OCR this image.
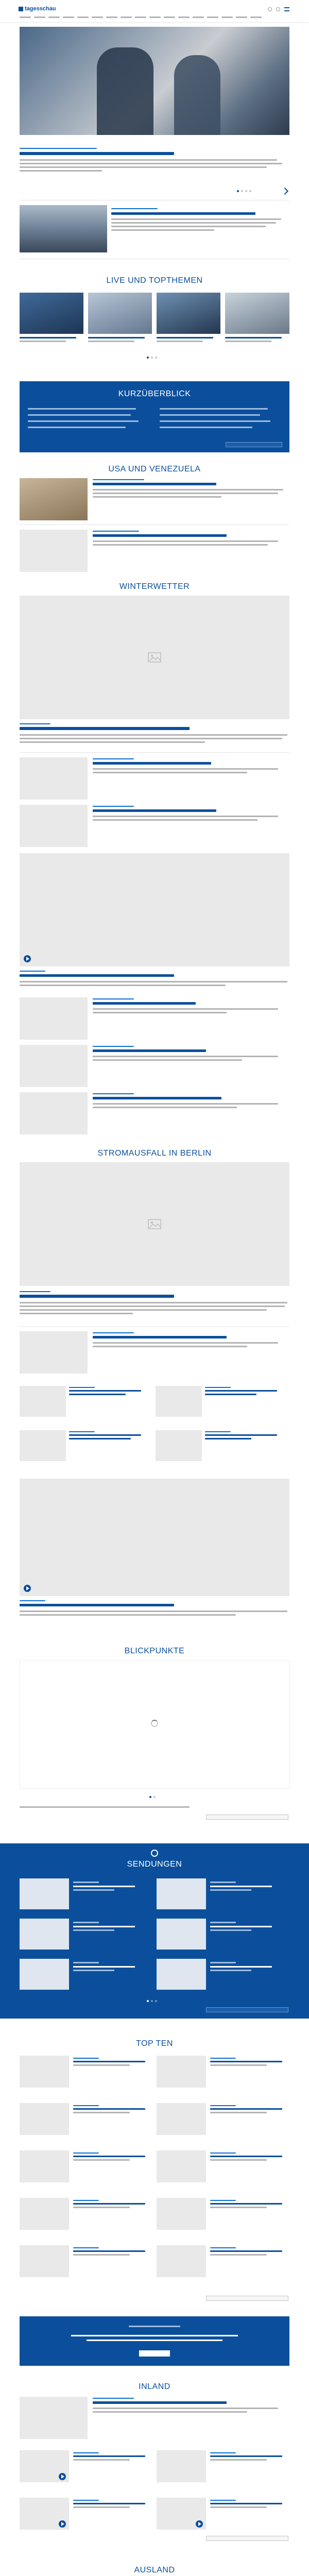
tagesschau
LIVE UND TOPTHEMEN
KURZÜBERBLICK
USA UND VENEZUELA
WINTERWETTER
STROMAUSFALL IN BERLIN
BLICKPUNKTE
SENDUNGEN
TOP TEN
INLAND
AUSLAND
